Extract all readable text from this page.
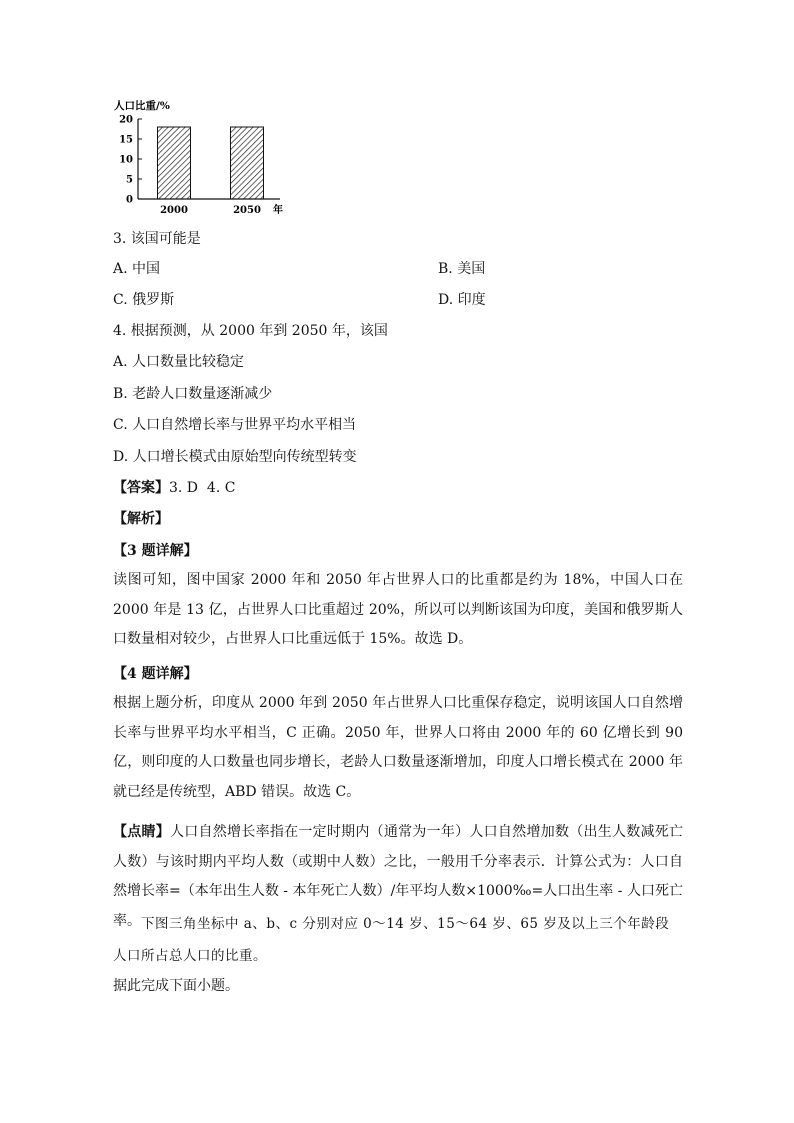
人口比重/%
0
5
10
15
20
2000	2050 年
3. 该国可能是
A. 中国	B. 美国
C. 俄罗斯	D. 印度
4. 根据预测，从 2000 年到 2050 年，该国
A. 人口数量比较稳定
B. 老龄人口数量逐渐减少
C. 人口自然增长率与世界平均水平相当
D. 人口增长模式由原始型向传统型转变
【答案】3. D  4. C
【解析】
【3 题详解】
读图可知，图中国家 2000 年和 2050 年占世界人口的比重都是约为 18%，中国人口在 2000 年是 13 亿，占世界人口比重超过 20%，所以可以判断该国为印度，美国和俄罗斯人口数量相对较少，占世界人口比重远低于 15%。故选 D。
【4 题详解】
根据上题分析，印度从 2000 年到 2050 年占世界人口比重保存稳定，说明该国人口自然增长率与世界平均水平相当，C 正确。2050 年，世界人口将由 2000 年的 60 亿增长到 90 亿，则印度的人口数量也同步增长，老龄人口数量逐渐增加，印度人口增长模式在 2000 年就已经是传统型，ABD 错误。故选 C。
【点睛】人口自然增长率指在一定时期内（通常为一年）人口自然增加数（出生人数减死亡人数）与该时期内平均人数（或期中人数）之比，一般用千分率表示．计算公式为：人口自然增长率=（本年出生人数 - 本年死亡人数）/年平均人数×1000‰=人口出生率 - 人口死亡率。 下图三角坐标中 a、b、c 分别对应 0～14 岁、15～64 岁、65 岁及以上三个年龄段人口所占总人口的比重。
据此完成下面小题。
